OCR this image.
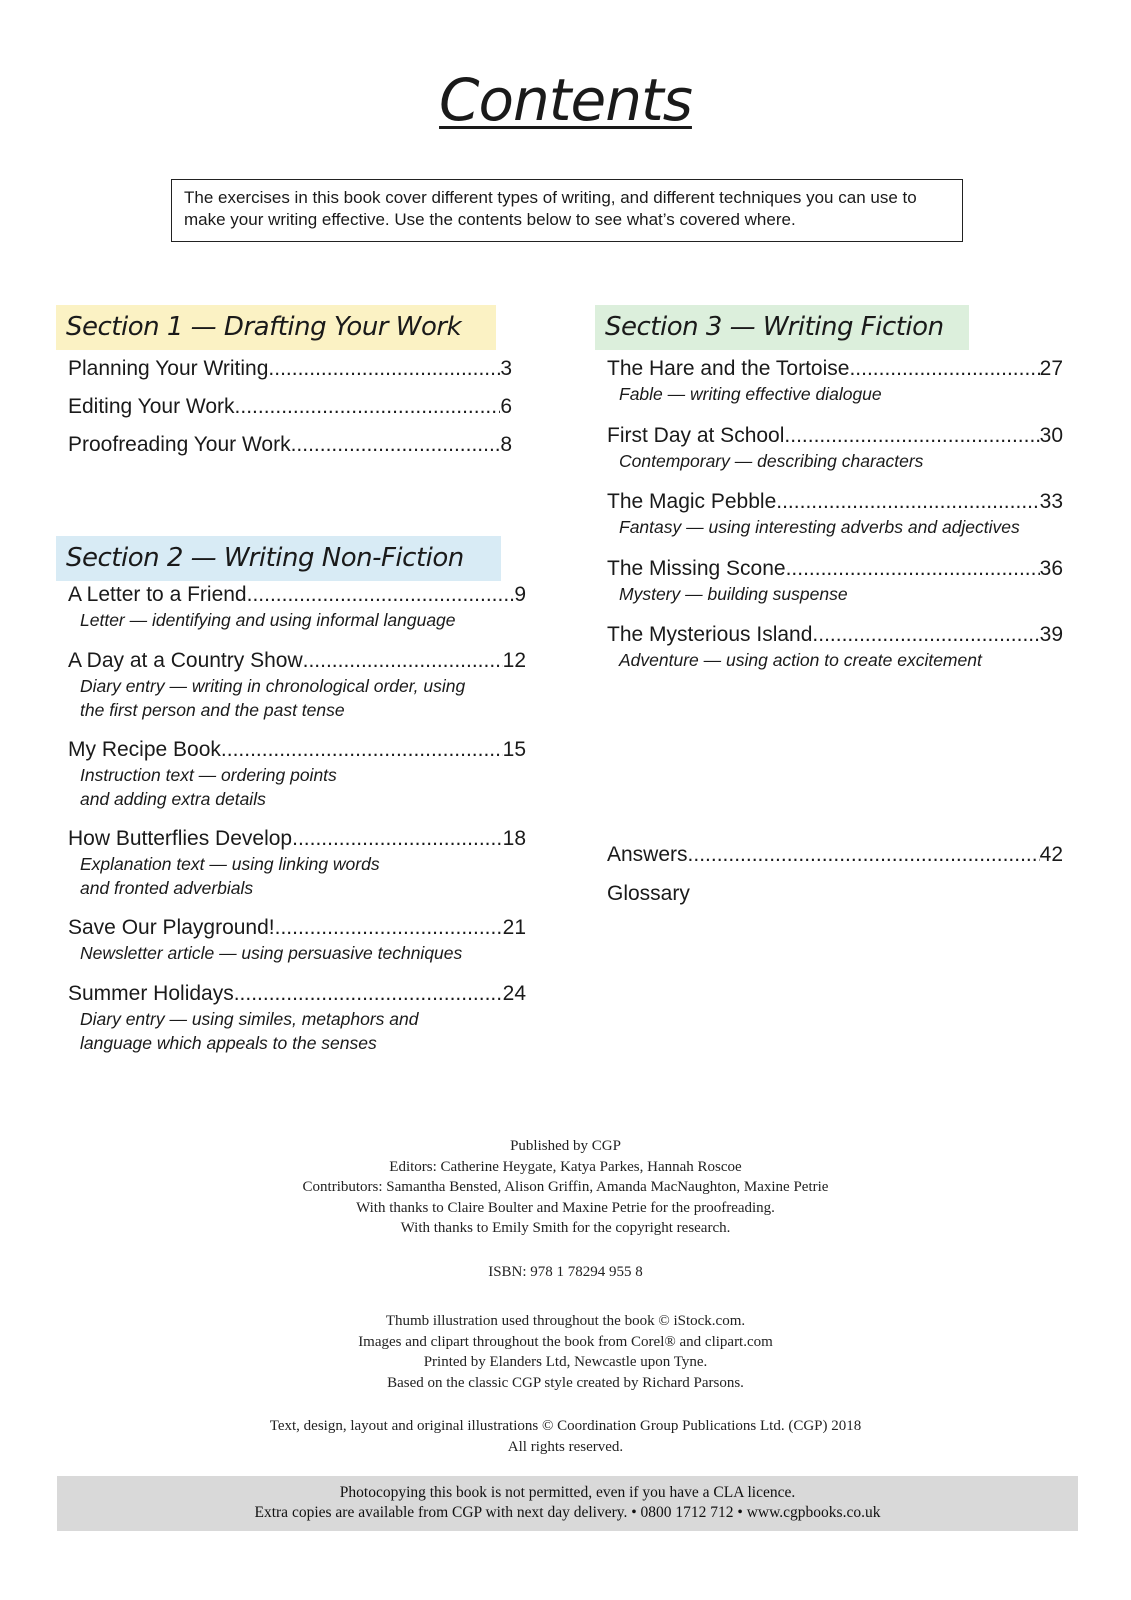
Contents
The exercises in this book cover different types of writing, and different techniques you can use to make your writing effective. Use the contents below to see what’s covered where.
Section 1 — Drafting Your Work
Planning Your Writing .....	3
Editing Your Work .....	6
Proofreading Your Work .....	8
Section 2 — Writing Non-Fiction
A Letter to a Friend .....	9
Letter — identifying and using informal language
A Day at a Country Show .....	12
Diary entry — writing in chronological order, using
the first person and the past tense
My Recipe Book .....	15
Instruction text — ordering points
and adding extra details
How Butterflies Develop .....	18
Explanation text — using linking words
and fronted adverbials
Save Our Playground! .....	21
Newsletter article — using persuasive techniques
Summer Holidays .....	24
Diary entry — using similes, metaphors and
language which appeals to the senses
Section 3 — Writing Fiction
The Hare and the Tortoise .....	27
Fable — writing effective dialogue
First Day at School .....	30
Contemporary — describing characters
The Magic Pebble .....	33
Fantasy — using interesting adverbs and adjectives
The Missing Scone .....	36
Mystery — building suspense
The Mysterious Island .....	39
Adventure — using action to create excitement
Answers .....	42
Glossary
Published by CGP
Editors: Catherine Heygate, Katya Parkes, Hannah Roscoe
Contributors: Samantha Bensted, Alison Griffin, Amanda MacNaughton, Maxine Petrie
With thanks to Claire Boulter and Maxine Petrie for the proofreading.
With thanks to Emily Smith for the copyright research.
ISBN: 978 1 78294 955 8
Thumb illustration used throughout the book © iStock.com.
Images and clipart throughout the book from Corel® and clipart.com
Printed by Elanders Ltd, Newcastle upon Tyne.
Based on the classic CGP style created by Richard Parsons.
Text, design, layout and original illustrations © Coordination Group Publications Ltd. (CGP) 2018
All rights reserved.
Photocopying this book is not permitted, even if you have a CLA licence.
Extra copies are available from CGP with next day delivery. • 0800 1712 712 • www.cgpbooks.co.uk
